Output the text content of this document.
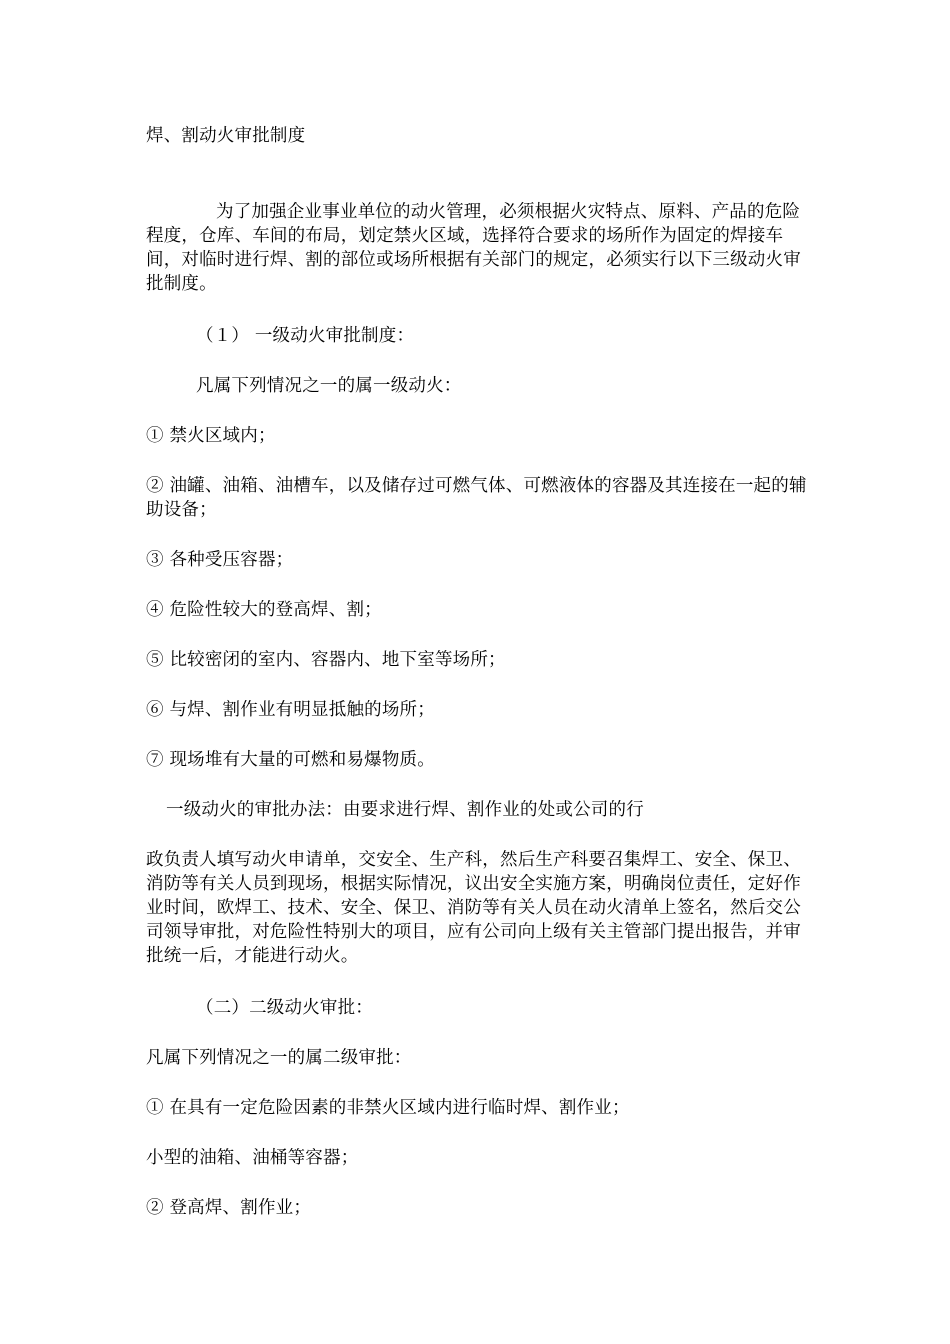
焊、割动火审批制度

为了加强企业事业单位的动火管理，必须根据火灾特点、原料、产品的危险程度，仓库、车间的布局，划定禁火区域，选择符合要求的场所作为固定的焊接车间，对临时进行焊、割的部位或场所根据有关部门的规定，必须实行以下三级动火审批制度。

（１） 一级动火审批制度：

凡属下列情况之一的属一级动火：

① 禁火区域内；

② 油罐、油箱、油槽车，以及储存过可燃气体、可燃液体的容器及其连接在一起的辅助设备；

③ 各种受压容器；

④ 危险性较大的登高焊、割；

⑤ 比较密闭的室内、容器内、地下室等场所；

⑥ 与焊、割作业有明显抵触的场所；

⑦ 现场堆有大量的可燃和易爆物质。

一级动火的审批办法：由要求进行焊、割作业的处或公司的行

政负责人填写动火申请单，交安全、生产科，然后生产科要召集焊工、安全、保卫、消防等有关人员到现场，根据实际情况，议出安全实施方案，明确岗位责任，定好作业时间，欧焊工、技术、安全、保卫、消防等有关人员在动火清单上签名，然后交公司领导审批，对危险性特别大的项目，应有公司向上级有关主管部门提出报告，并审批统一后，才能进行动火。

（二）二级动火审批：

凡属下列情况之一的属二级审批：

① 在具有一定危险因素的非禁火区域内进行临时焊、割作业；

小型的油箱、油桶等容器；

② 登高焊、割作业；
